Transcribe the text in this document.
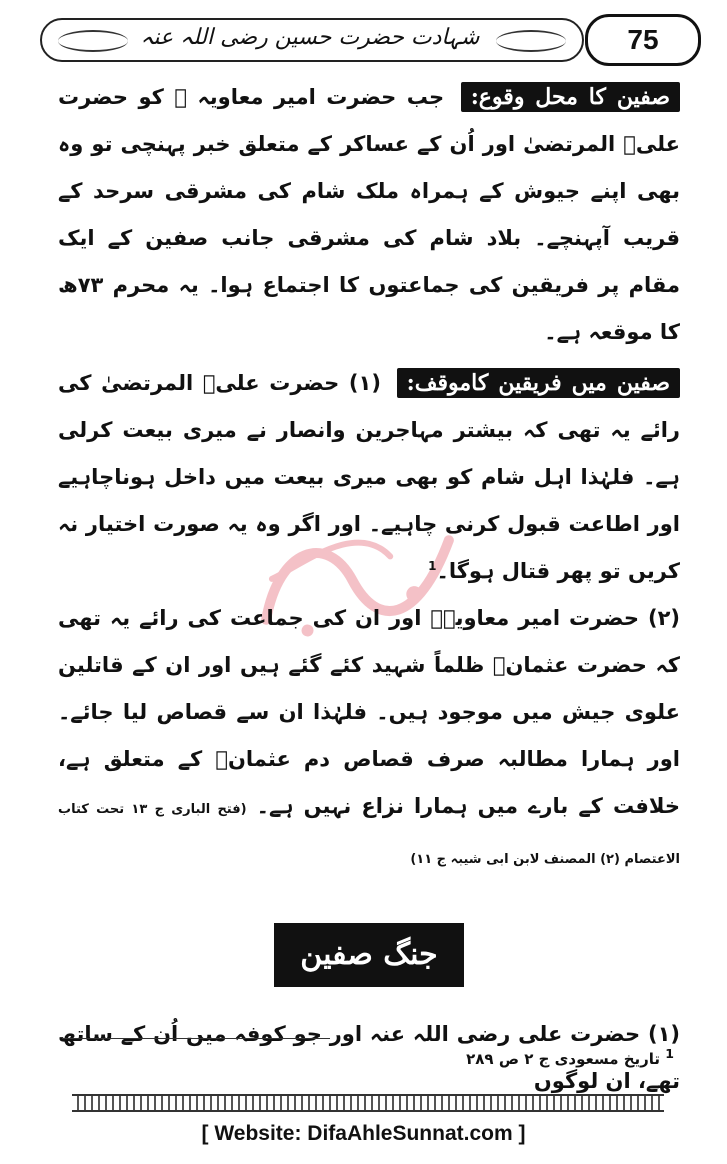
شہادت حضرت حسین رضی اللہ عنہ	75

صفین کا محل وقوع: جب حضرت امیر معاویہ ؓ کو حضرت علیؓ المرتضیٰ اور اُن کے عساکر کے متعلق خبر پہنچی تو وہ بھی اپنے جیوش کے ہمراہ ملک شام کی مشرقی سرحد کے قریب آپہنچے۔ بلاد شام کی مشرقی جانب صفین کے ایک مقام پر فریقین کی جماعتوں کا اجتماع ہوا۔ یہ محرم ۷۳ھ کا موقعہ ہے۔

صفین میں فریقین کاموقف: (۱) حضرت علیؓ المرتضیٰ کی رائے یہ تھی کہ بیشتر مہاجرین وانصار نے میری بیعت کرلی ہے۔ فلہٰذا اہل شام کو بھی میری بیعت میں داخل ہوناچاہیے اور اطاعت قبول کرنی چاہیے۔ اور اگر وہ یہ صورت اختیار نہ کریں تو پھر قتال ہوگا۔$^1$

(۲) حضرت امیر معاویہؓ اور ان کی جماعت کی رائے یہ تھی کہ حضرت عثمانؓ ظلماً شہید کئے گئے ہیں اور ان کے قاتلین علوی جیش میں موجود ہیں۔ فلہٰذا ان سے قصاص لیا جائے۔ اور ہمارا مطالبہ صرف قصاص دم عثمانؓ کے متعلق ہے، خلافت کے بارے میں ہمارا نزاع نہیں ہے۔ (فتح الباری ج ۱۳ تحت کتاب الاعتصام (۲) المصنف لابن ابی شیبہ ج ۱۱)

جنگ صفین

(۱) حضرت علی رضی اللہ عنہ اور جو کوفہ میں اُن کے ساتھ تھے، ان لوگوں

$^1$ تاریخ مسعودی ج ۲ ص ۲۸۹
[ Website: DifaAhleSunnat.com ]
